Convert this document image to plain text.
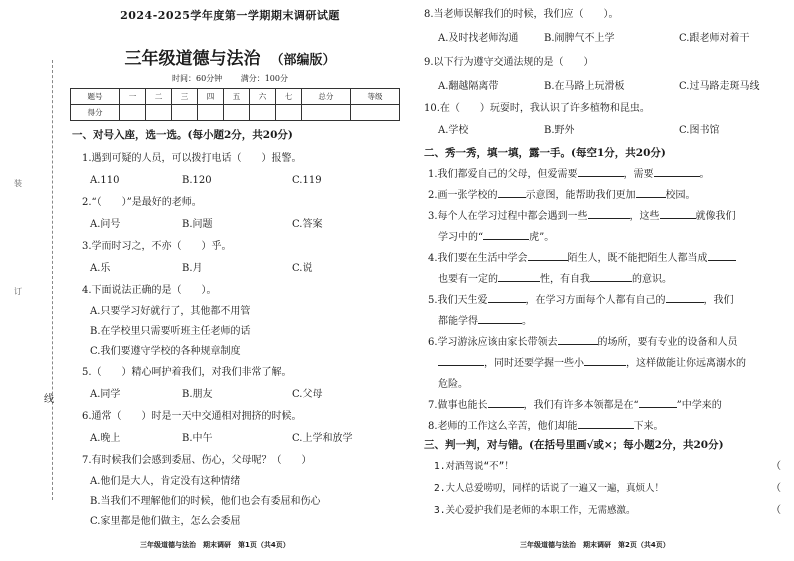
装
订
线
2024-2025学年度第一学期期末调研试题
三年级道德与法治 （部编版）
时间：60分钟 满分：100分
题号	一	二	三	四	五	六	七	总分	等级
得分									
一、对号入座，选一选。(每小题2分，共20分)
1.遇到可疑的人员，可以拨打电话（　　）报警。
A.110	B.120	C.119
2.“（　　）”是最好的老师。
A.问号	B.问题	C.答案
3.学而时习之，不亦（　　）乎。
A.乐	B.月	C.说
4.下面说法正确的是（　　）。
A.只要学习好就行了，其他都不用管
B.在学校里只需要听班主任老师的话
C.我们要遵守学校的各种规章制度
5.（　　）精心呵护着我们，对我们非常了解。
A.同学	B.朋友	C.父母
6.通常（　　）时是一天中交通相对拥挤的时候。
A.晚上	B.中午	C.上学和放学
7.有时候我们会感到委屈、伤心，父母呢？（　　）
A.他们是大人，肯定没有这种情绪
B.当我们不理解他们的时候，他们也会有委屈和伤心
C.家里都是他们做主，怎么会委屈
三年级道德与法治　期末调研　第1页（共4页）
8.当老师误解我们的时候，我们应（　　）。
A.及时找老师沟通	B.闹脾气不上学	C.跟老师对着干
9.以下行为遵守交通法规的是（　　）
A.翻越隔离带	B.在马路上玩滑板	C.过马路走斑马线
10.在（　　）玩耍时，我认识了许多植物和昆虫。
A.学校	B.野外	C.图书馆
二、秀一秀，填一填，露一手。(每空1分，共20分)
1.我们都爱自己的父母，但爱需要	，需要	。
2.画一张学校的	示意图，能帮助我们更加	校园。
3.每个人在学习过程中都会遇到一些	，这些	就像我们
学习中的“	虎”。
4.我们要在生活中学会	陌生人，既不能把陌生人都当成
也要有一定的	性，有自我	的意识。
5.我们天生爱	，在学习方面每个人都有自己的	，我们
都能学得	。
6.学习游泳应该由家长带领去	的场所，要有专业的设备和人员
，同时还要学握一些小	，这样做能让你远离溺水的
危险。
7.做事也能长	，我们有许多本领都是在“	”中学来的
8.老师的工作这么辛苦，他们却能	下来。
三、判一判，对与错。(在括号里画√或×；每小题2分，共20分)
1.对酒驾说“不”！	（
2.大人总爱唠叨，同样的话说了一遍又一遍，真烦人！	（
3.关心爱护我们是老师的本职工作，无需感激。	（
三年级道德与法治　期末调研　第2页（共4页）
